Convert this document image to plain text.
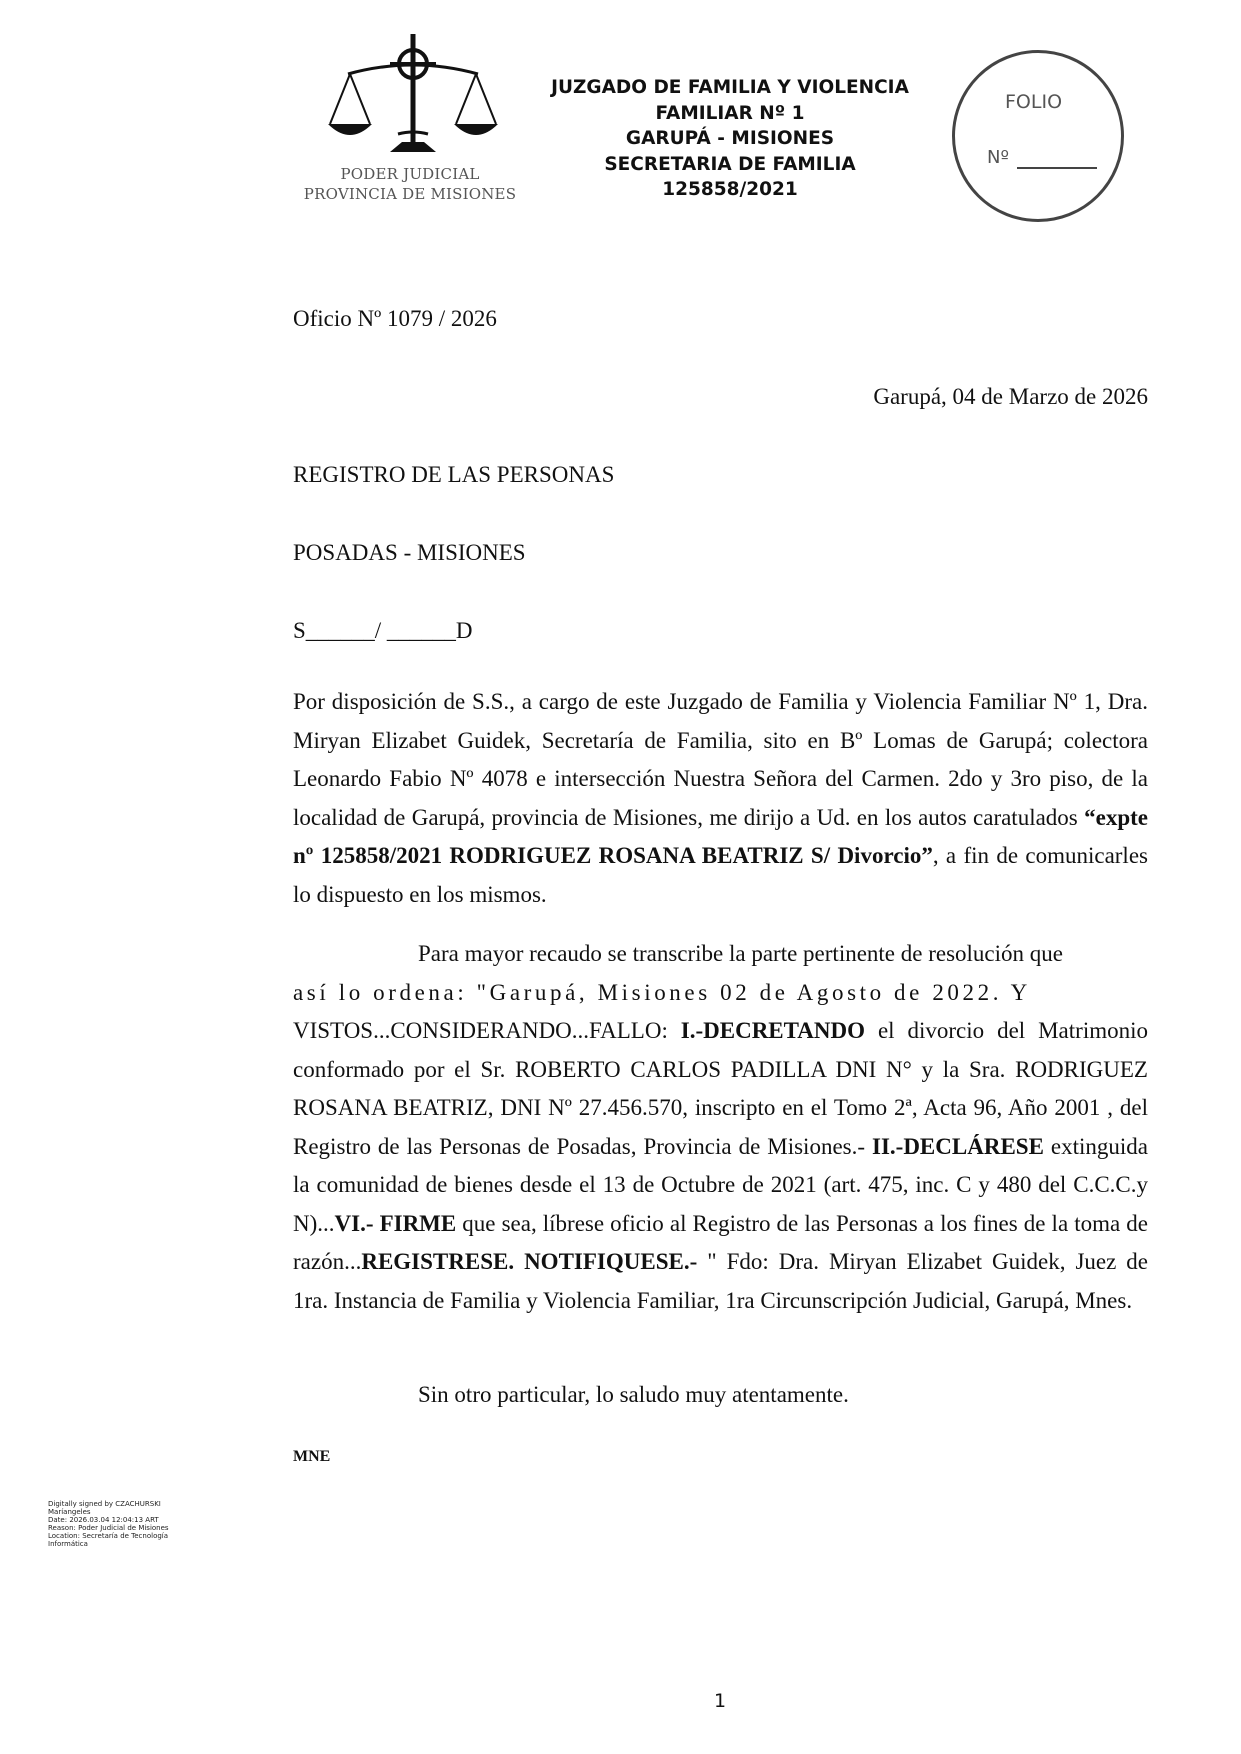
PODER JUDICIAL
PROVINCIA DE MISIONES
JUZGADO DE FAMILIA Y VIOLENCIA
FAMILIAR Nº 1
GARUPÁ - MISIONES
SECRETARIA DE FAMILIA
125858/2021
FOLIO
Nº
Oficio Nº 1079 / 2026
Garupá, 04 de Marzo de 2026
REGISTRO DE LAS PERSONAS
POSADAS - MISIONES
S______/ ______D
Por disposición de S.S., a cargo de este Juzgado de Familia y Violencia Familiar Nº 1, Dra. Miryan Elizabet Guidek, Secretaría de Familia, sito en Bº Lomas de Garupá; colectora Leonardo Fabio Nº 4078 e intersección Nuestra Señora del Carmen. 2do y 3ro piso, de la localidad de Garupá, provincia de Misiones, me dirijo a Ud. en los autos caratulados “expte nº 125858/2021 RODRIGUEZ ROSANA BEATRIZ S/ Divorcio”, a fin de comunicarles lo dispuesto en los mismos.
Para mayor recaudo se transcribe la parte pertinente de resolución que
así lo ordena: "Garupá, Misiones 02 de Agosto de 2022. Y
VISTOS...CONSIDERANDO...FALLO: I.-DECRETANDO el divorcio del Matrimonio conformado por el Sr. ROBERTO CARLOS PADILLA DNI N° y la Sra. RODRIGUEZ ROSANA BEATRIZ, DNI Nº 27.456.570, inscripto en el Tomo 2ª, Acta 96, Año 2001 , del Registro de las Personas de Posadas, Provincia de Misiones.- II.-DECLÁRESE extinguida la comunidad de bienes desde el 13 de Octubre de 2021 (art. 475, inc. C y 480 del C.C.C.y N)...VI.- FIRME que sea, líbrese oficio al Registro de las Personas a los fines de la toma de razón...REGISTRESE. NOTIFIQUESE.- " Fdo: Dra. Miryan Elizabet Guidek, Juez de 1ra. Instancia de Familia y Violencia Familiar, 1ra Circunscripción Judicial, Garupá, Mnes.
Sin otro particular, lo saludo muy atentamente.
MNE
Digitally signed by CZACHURSKI
Maríangeles
Date: 2026.03.04 12:04:13 ART
Reason: Poder Judicial de Misiones
Location: Secretaría de Tecnología
Informática
1
